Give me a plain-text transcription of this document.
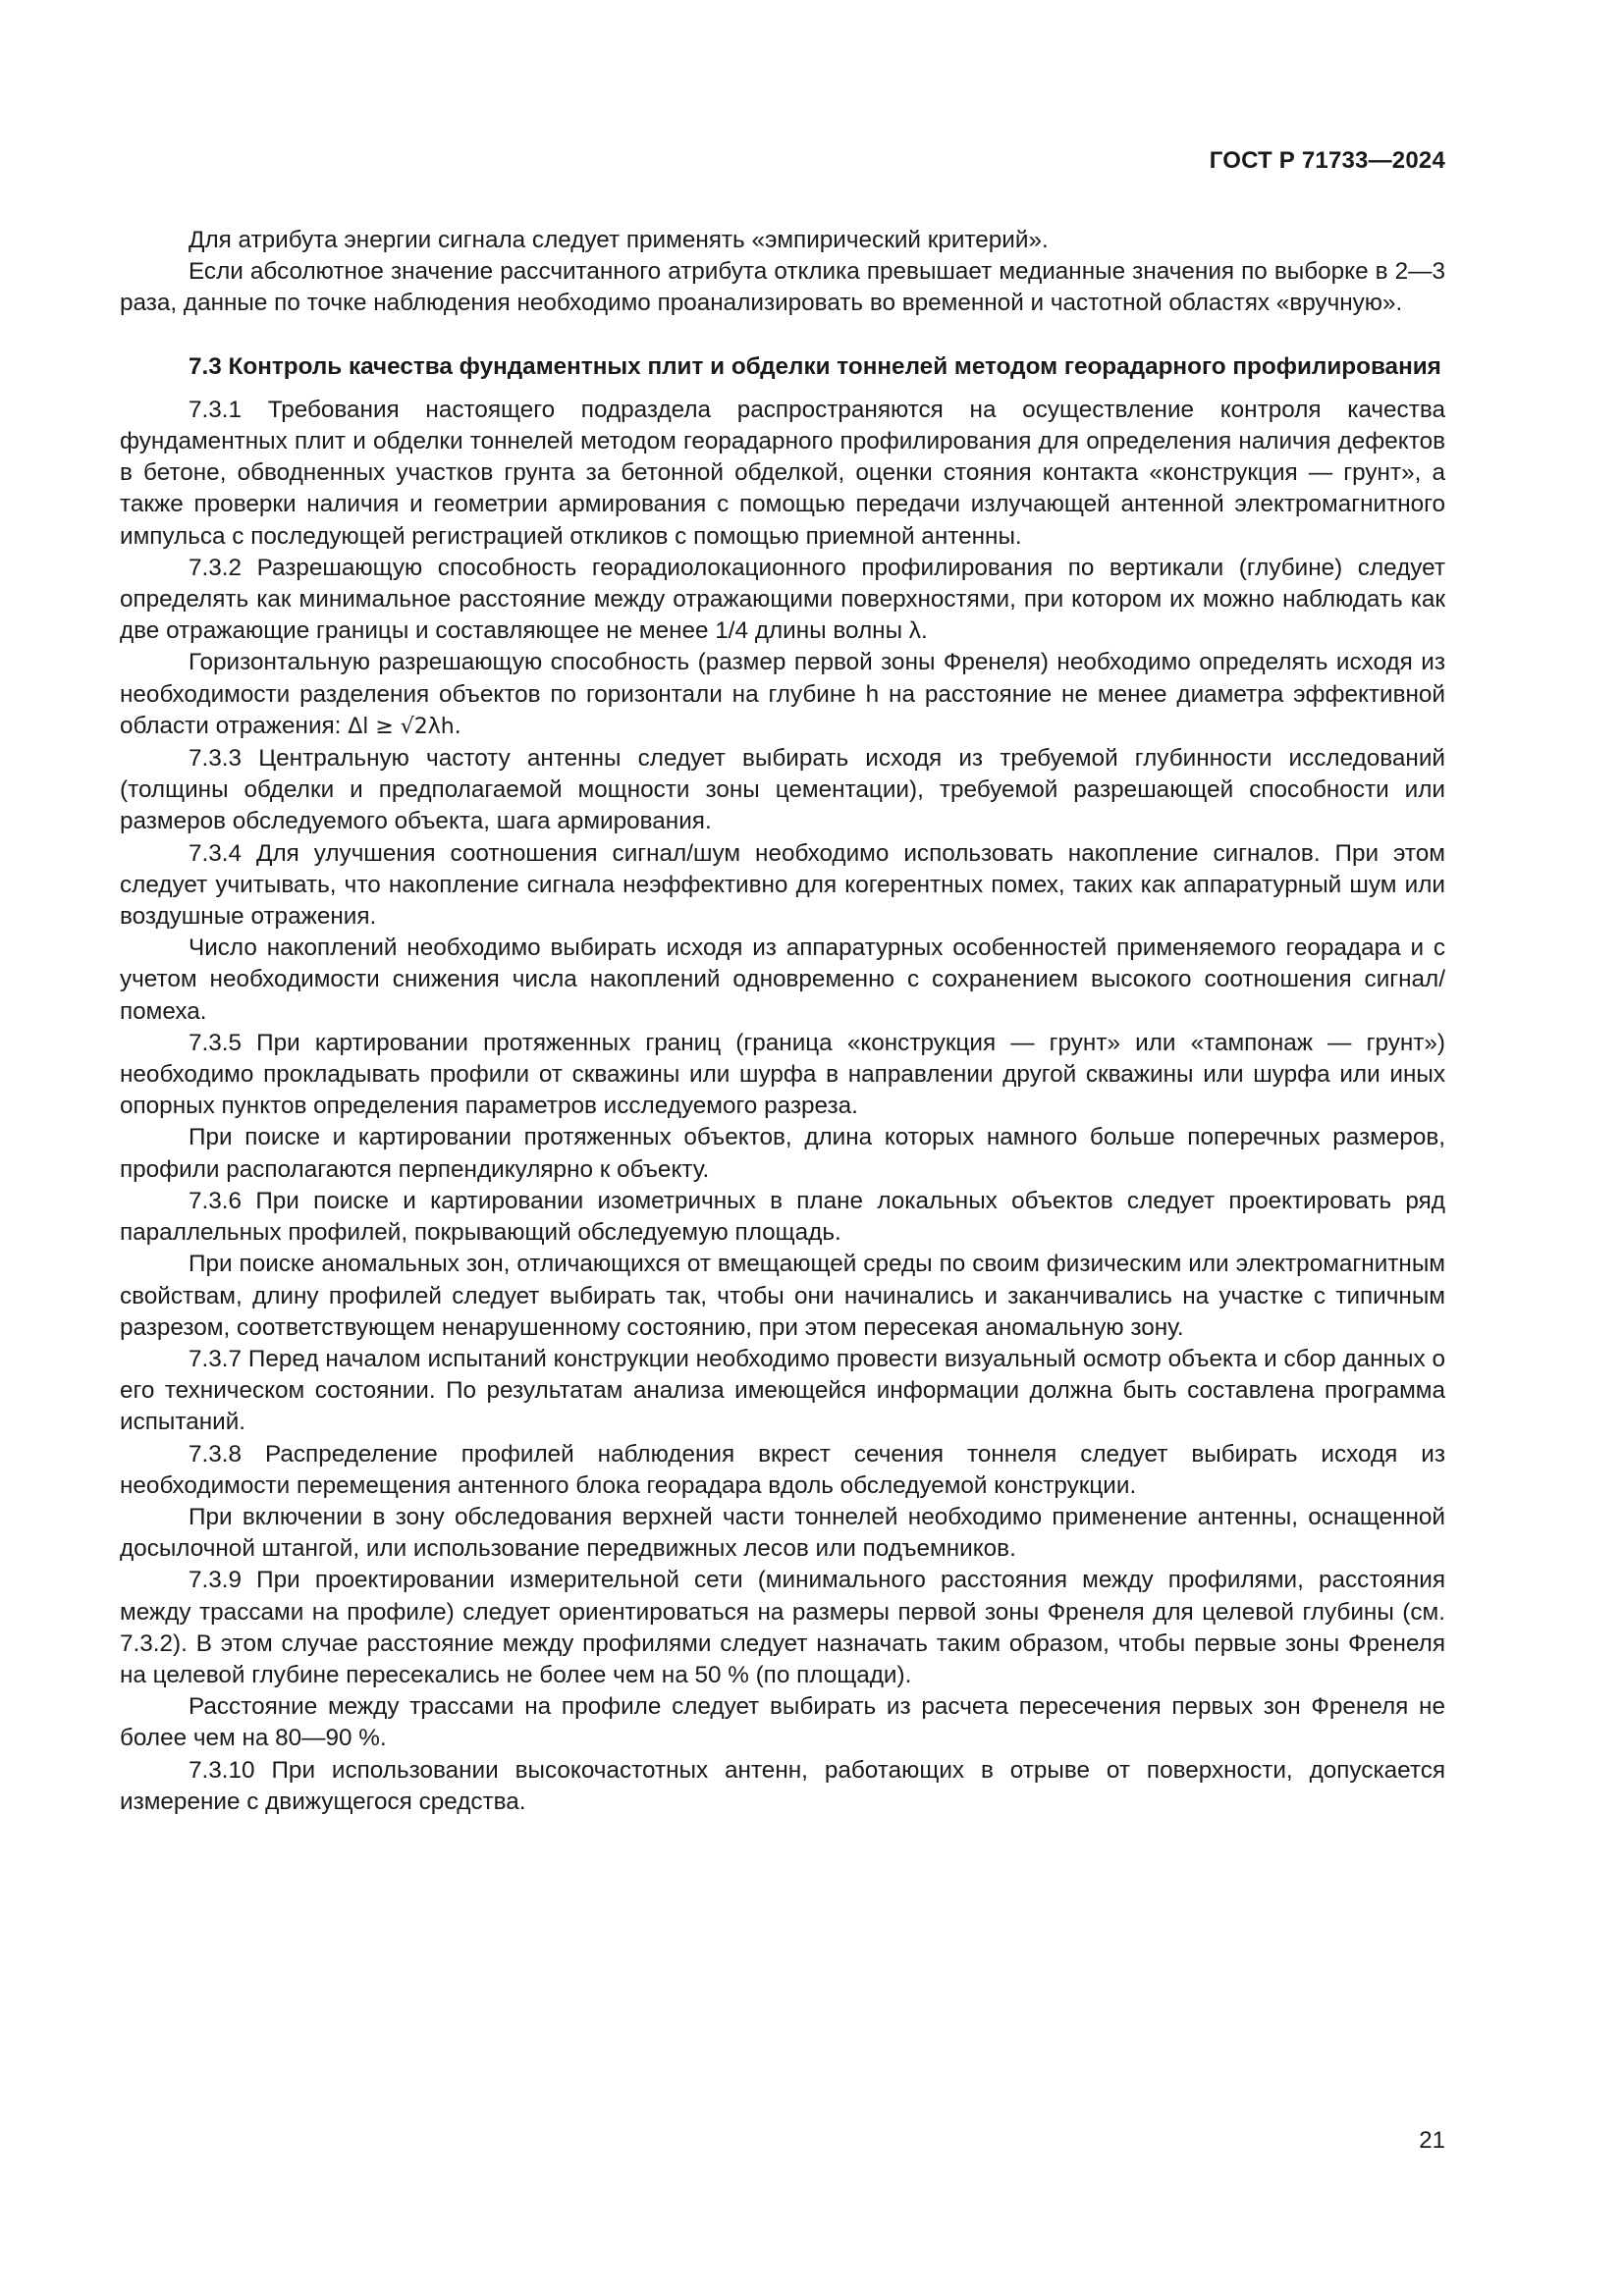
ГОСТ Р 71733—2024

Для атрибута энергии сигнала следует применять «эмпирический критерий».

Если абсолютное значение рассчитанного атрибута отклика превышает медианные значения по выборке в 2—3 раза, данные по точке наблюдения необходимо проанализировать во временной и частотной областях «вручную».

7.3 Контроль качества фундаментных плит и обделки тоннелей методом георадарного профилирования

7.3.1 Требования настоящего подраздела распространяются на осуществление контроля качества фундаментных плит и обделки тоннелей методом георадарного профилирования для определения наличия дефектов в бетоне, обводненных участков грунта за бетонной обделкой, оценки стояния контакта «конструкция — грунт», а также проверки наличия и геометрии армирования с помощью передачи излучающей антенной электромагнитного импульса с последующей регистрацией откликов с помощью приемной антенны.

7.3.2 Разрешающую способность георадиолокационного профилирования по вертикали (глубине) следует определять как минимальное расстояние между отражающими поверхностями, при котором их можно наблюдать как две отражающие границы и составляющее не менее 1/4 длины волны λ.

Горизонтальную разрешающую способность (размер первой зоны Френеля) необходимо определять исходя из необходимости разделения объектов по горизонтали на глубине h на расстояние не менее диаметра эффективной области отражения: Δl ≥ √2λh.

7.3.3 Центральную частоту антенны следует выбирать исходя из требуемой глубинности исследований (толщины обделки и предполагаемой мощности зоны цементации), требуемой разрешающей способности или размеров обследуемого объекта, шага армирования.

7.3.4 Для улучшения соотношения сигнал/шум необходимо использовать накопление сигналов. При этом следует учитывать, что накопление сигнала неэффективно для когерентных помех, таких как аппаратурный шум или воздушные отражения.

Число накоплений необходимо выбирать исходя из аппаратурных особенностей применяемого георадара и с учетом необходимости снижения числа накоплений одновременно с сохранением высокого соотношения сигнал/помеха.

7.3.5 При картировании протяженных границ (граница «конструкция — грунт» или «тампонаж — грунт») необходимо прокладывать профили от скважины или шурфа в направлении другой скважины или шурфа или иных опорных пунктов определения параметров исследуемого разреза.

При поиске и картировании протяженных объектов, длина которых намного больше поперечных размеров, профили располагаются перпендикулярно к объекту.

7.3.6 При поиске и картировании изометричных в плане локальных объектов следует проектировать ряд параллельных профилей, покрывающий обследуемую площадь.

При поиске аномальных зон, отличающихся от вмещающей среды по своим физическим или электромагнитным свойствам, длину профилей следует выбирать так, чтобы они начинались и заканчивались на участке с типичным разрезом, соответствующем ненарушенному состоянию, при этом пересекая аномальную зону.

7.3.7 Перед началом испытаний конструкции необходимо провести визуальный осмотр объекта и сбор данных о его техническом состоянии. По результатам анализа имеющейся информации должна быть составлена программа испытаний.

7.3.8 Распределение профилей наблюдения вкрест сечения тоннеля следует выбирать исходя из необходимости перемещения антенного блока георадара вдоль обследуемой конструкции.

При включении в зону обследования верхней части тоннелей необходимо применение антенны, оснащенной досылочной штангой, или использование передвижных лесов или подъемников.

7.3.9 При проектировании измерительной сети (минимального расстояния между профилями, расстояния между трассами на профиле) следует ориентироваться на размеры первой зоны Френеля для целевой глубины (см. 7.3.2). В этом случае расстояние между профилями следует назначать таким образом, чтобы первые зоны Френеля на целевой глубине пересекались не более чем на 50 % (по площади).

Расстояние между трассами на профиле следует выбирать из расчета пересечения первых зон Френеля не более чем на 80—90 %.

7.3.10 При использовании высокочастотных антенн, работающих в отрыве от поверхности, допускается измерение с движущегося средства.

21
